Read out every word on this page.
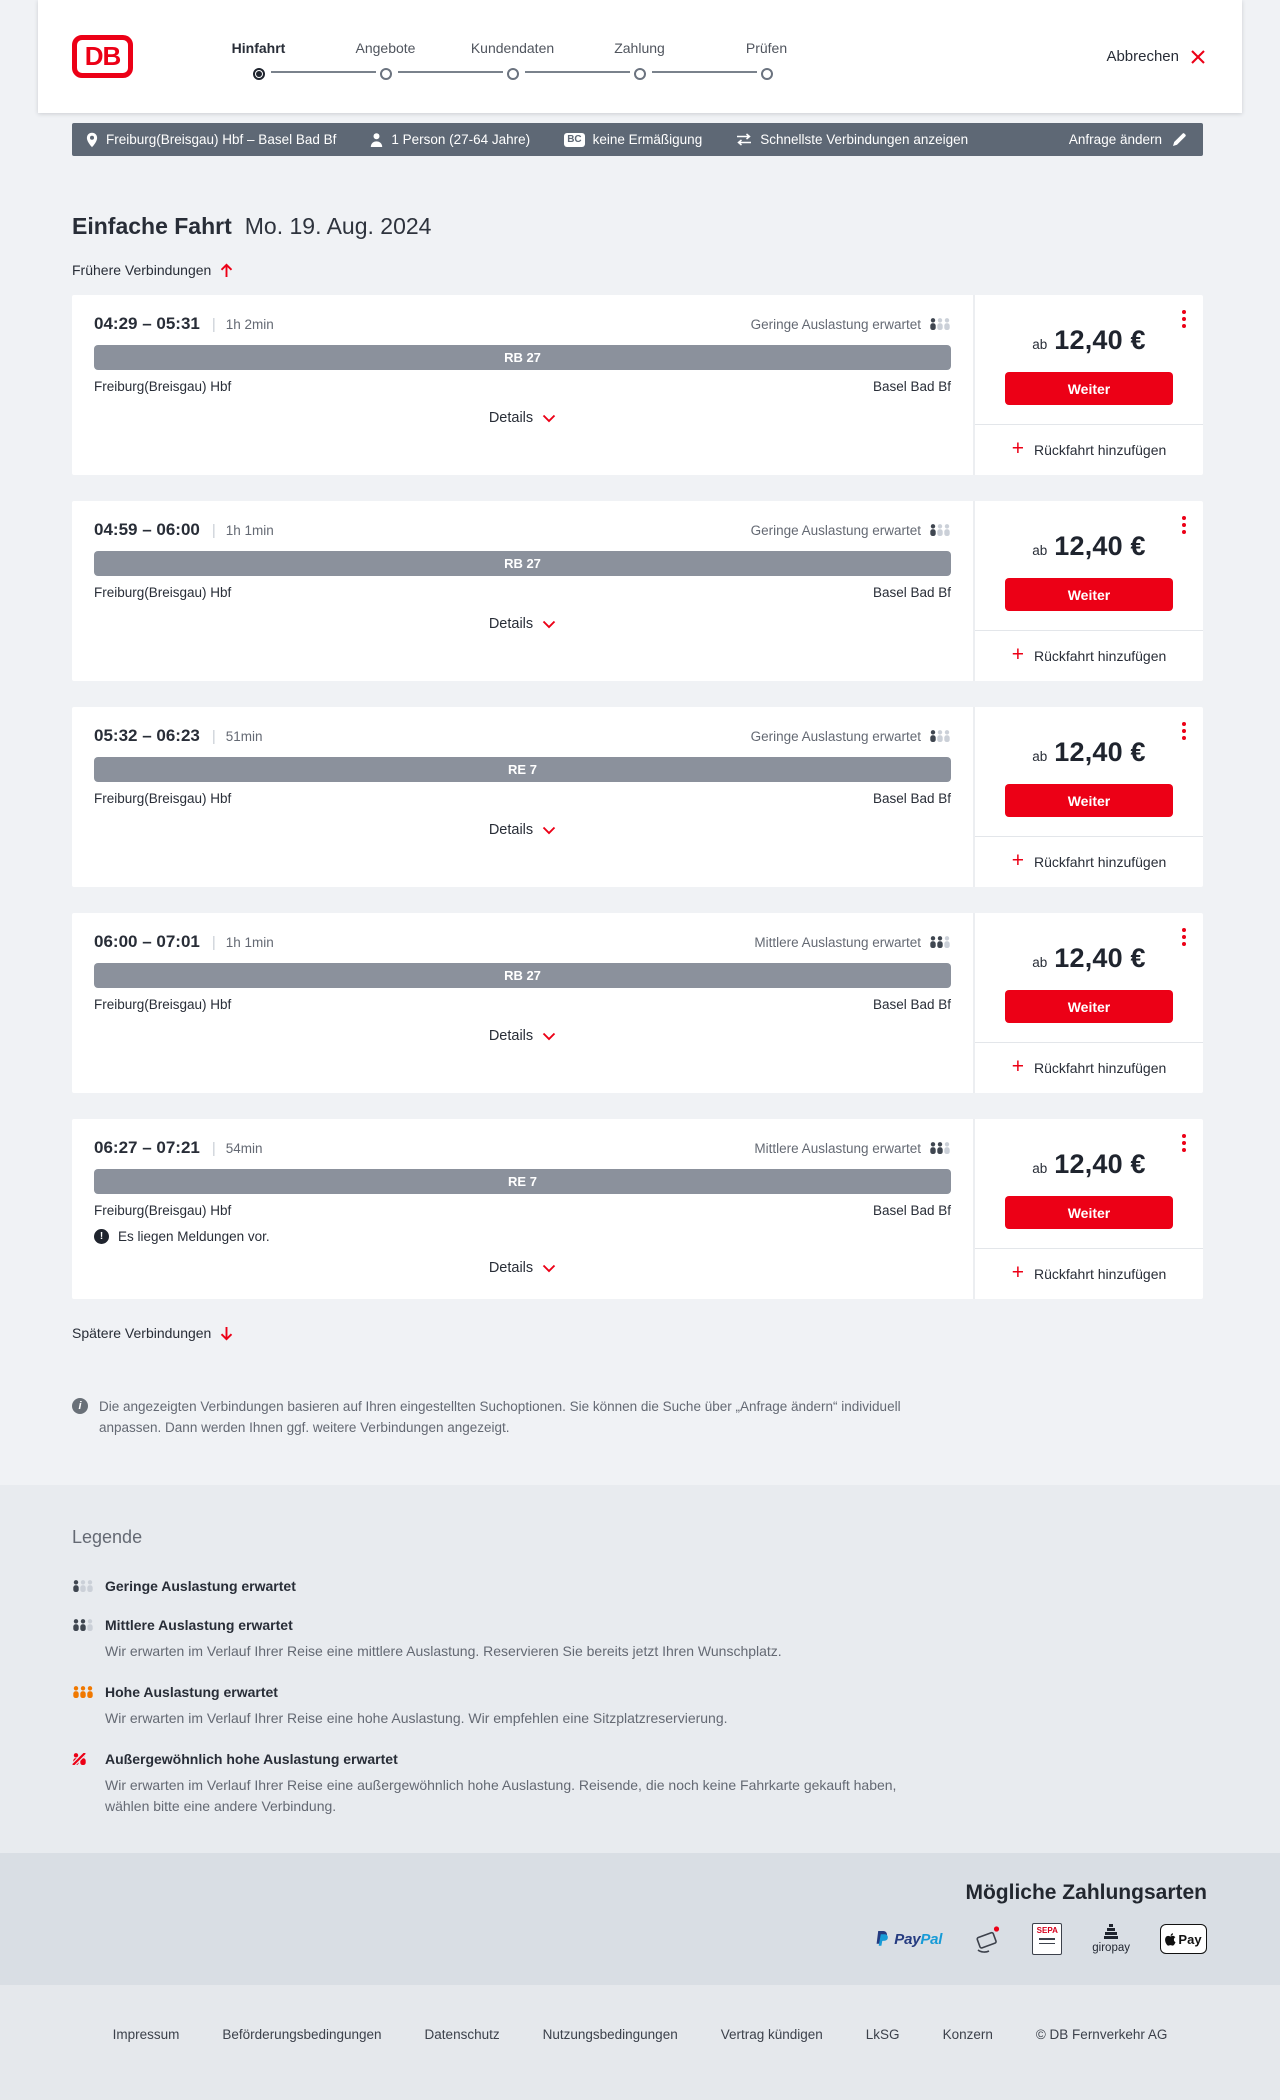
DB	Hinfahrt	Angebote	Kundendaten	Zahlung	Prüfen
Abbrechen
Freiburg(Breisgau) Hbf – Basel Bad Bf	1 Person (27-64 Jahre)	BC keine Ermäßigung	Schnellste Verbindungen anzeigen	Anfrage ändern
Einfache Fahrt Mo. 19. Aug. 2024
Frühere Verbindungen
04:29 – 05:31 | 1h 2min	Geringe Auslastung erwartet
RB 27
Freiburg(Breisgau) Hbf	Basel Bad Bf
Details
ab 12,40 €
Weiter
+ Rückfahrt hinzufügen
04:59 – 06:00 | 1h 1min	Geringe Auslastung erwartet
RB 27
Freiburg(Breisgau) Hbf	Basel Bad Bf
Details
ab 12,40 €
Weiter
+ Rückfahrt hinzufügen
05:32 – 06:23 | 51min	Geringe Auslastung erwartet
RE 7
Freiburg(Breisgau) Hbf	Basel Bad Bf
Details
ab 12,40 €
Weiter
+ Rückfahrt hinzufügen
06:00 – 07:01 | 1h 1min	Mittlere Auslastung erwartet
RB 27
Freiburg(Breisgau) Hbf	Basel Bad Bf
Details
ab 12,40 €
Weiter
+ Rückfahrt hinzufügen
06:27 – 07:21 | 54min	Mittlere Auslastung erwartet
RE 7
Freiburg(Breisgau) Hbf	Basel Bad Bf
!	Es liegen Meldungen vor.
Details
ab 12,40 €
Weiter
+ Rückfahrt hinzufügen
Spätere Verbindungen
i	Die angezeigten Verbindungen basieren auf Ihren eingestellten Suchoptionen. Sie können die Suche über „Anfrage ändern“ individuell anpassen. Dann werden Ihnen ggf. weitere Verbindungen angezeigt.

Legende
Geringe Auslastung erwartet
Mittlere Auslastung erwartet

Wir erwarten im Verlauf Ihrer Reise eine mittlere Auslastung. Reservieren Sie bereits jetzt Ihren Wunschplatz.

Hohe Auslastung erwartet

Wir erwarten im Verlauf Ihrer Reise eine hohe Auslastung. Wir empfehlen eine Sitzplatzreservierung.

Außergewöhnlich hohe Auslastung erwartet

Wir erwarten im Verlauf Ihrer Reise eine außergewöhnlich hohe Auslastung. Reisende, die noch keine Fahrkarte gekauft haben, wählen bitte eine andere Verbindung.

Mögliche Zahlungsarten
PayPal	SEPA
giropay
Pay
Impressum	Beförderungsbedingungen	Datenschutz	Nutzungsbedingungen	Vertrag kündigen	LkSG	Konzern	© DB Fernverkehr AG
